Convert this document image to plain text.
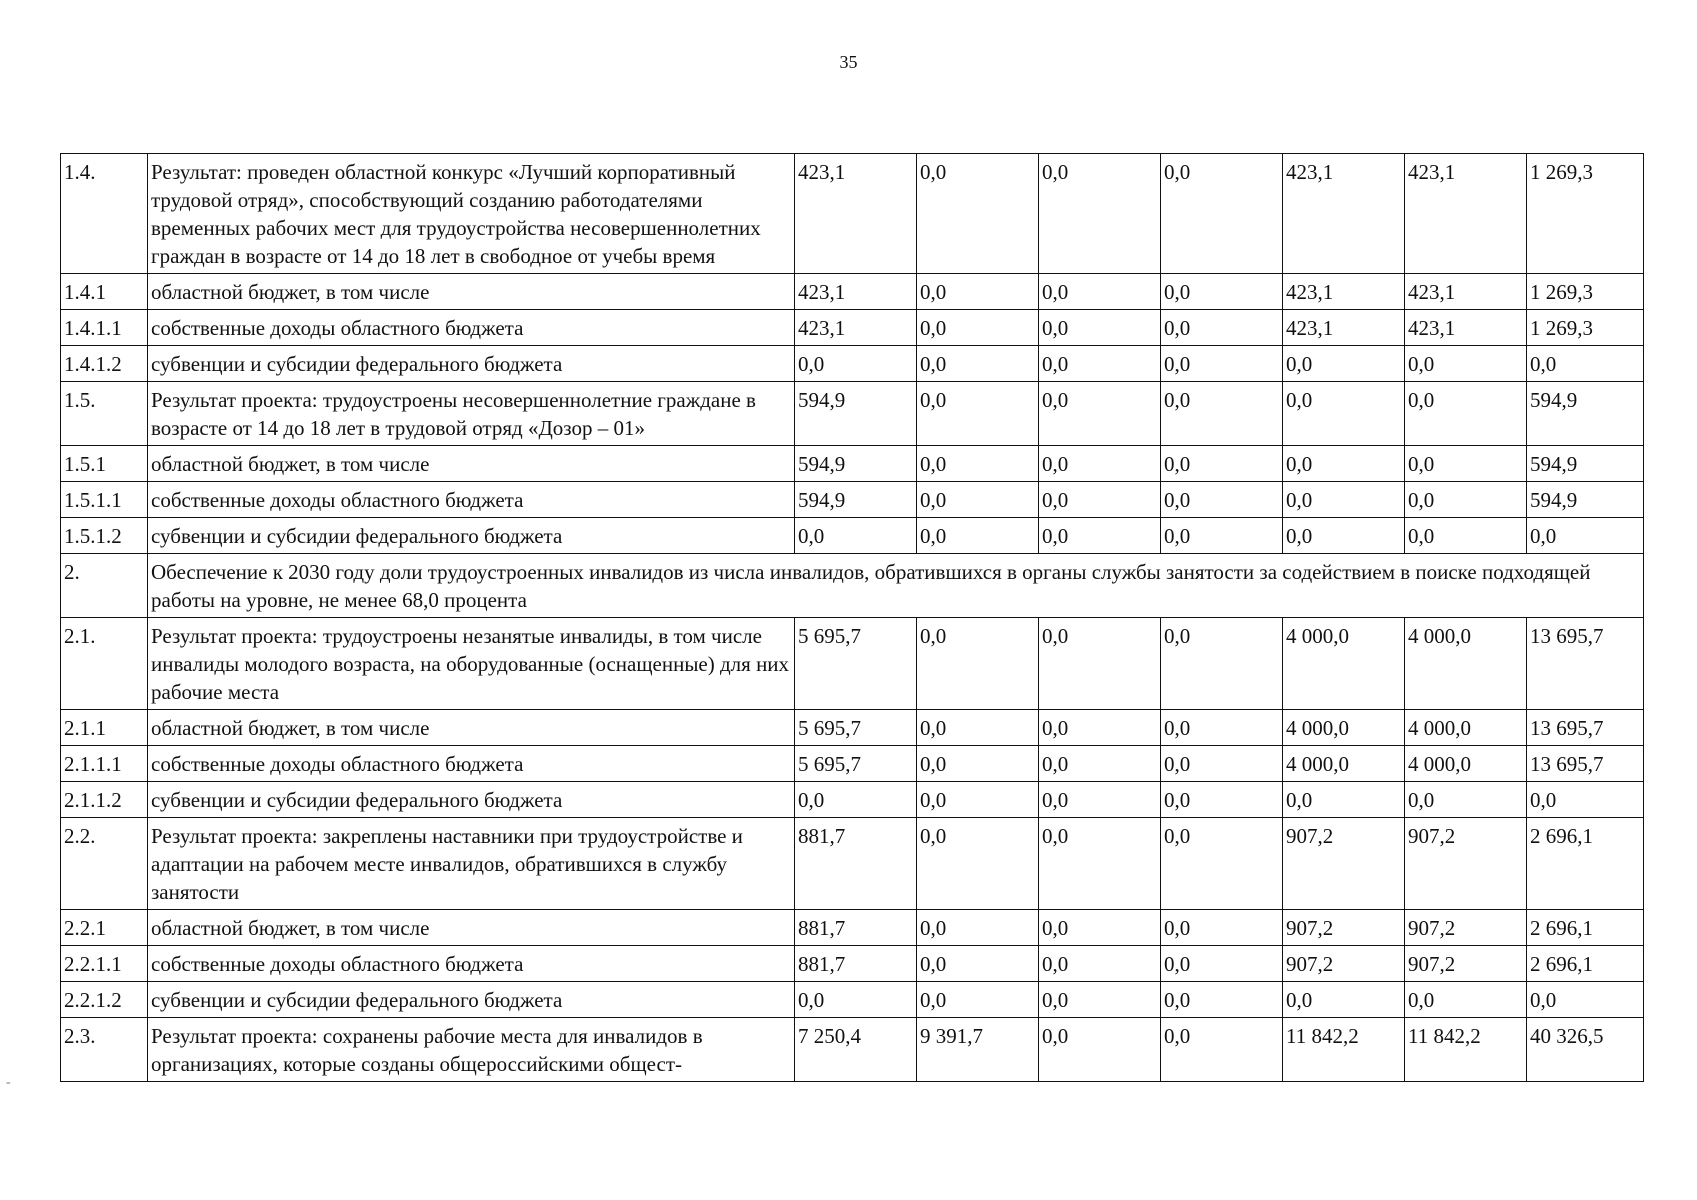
35
-
1.4.	Результат: проведен областной конкурс «Лучший корпоративный трудовой отряд», способствующий созданию работодателями временных рабочих мест для трудоустройства несовершеннолетних граждан в возрасте от 14 до 18 лет в свободное от учебы время	423,1	0,0	0,0	0,0	423,1	423,1	1 269,3
1.4.1	областной бюджет, в том числе	423,1	0,0	0,0	0,0	423,1	423,1	1 269,3
1.4.1.1	собственные доходы областного бюджета	423,1	0,0	0,0	0,0	423,1	423,1	1 269,3
1.4.1.2	субвенции и субсидии федерального бюджета	0,0	0,0	0,0	0,0	0,0	0,0	0,0
1.5.	Результат проекта: трудоустроены несовершеннолетние граждане в возрасте от 14 до 18 лет в трудовой отряд «Дозор – 01»	594,9	0,0	0,0	0,0	0,0	0,0	594,9
1.5.1	областной бюджет, в том числе	594,9	0,0	0,0	0,0	0,0	0,0	594,9
1.5.1.1	собственные доходы областного бюджета	594,9	0,0	0,0	0,0	0,0	0,0	594,9
1.5.1.2	субвенции и субсидии федерального бюджета	0,0	0,0	0,0	0,0	0,0	0,0	0,0
2.	Обеспечение к 2030 году доли трудоустроенных инвалидов из числа инвалидов, обратившихся в органы службы занятости за содействием в поиске подходящей работы на уровне, не менее 68,0 процента							
2.1.	Результат проекта: трудоустроены незанятые инвалиды, в том числе инвалиды молодого возраста, на оборудованные (оснащенные) для них рабочие места	5 695,7	0,0	0,0	0,0	4 000,0	4 000,0	13 695,7
2.1.1	областной бюджет, в том числе	5 695,7	0,0	0,0	0,0	4 000,0	4 000,0	13 695,7
2.1.1.1	собственные доходы областного бюджета	5 695,7	0,0	0,0	0,0	4 000,0	4 000,0	13 695,7
2.1.1.2	субвенции и субсидии федерального бюджета	0,0	0,0	0,0	0,0	0,0	0,0	0,0
2.2.	Результат проекта: закреплены наставники при трудоустройстве и адаптации на рабочем месте инвалидов, обратившихся в службу занятости	881,7	0,0	0,0	0,0	907,2	907,2	2 696,1
2.2.1	областной бюджет, в том числе	881,7	0,0	0,0	0,0	907,2	907,2	2 696,1
2.2.1.1	собственные доходы областного бюджета	881,7	0,0	0,0	0,0	907,2	907,2	2 696,1
2.2.1.2	субвенции и субсидии федерального бюджета	0,0	0,0	0,0	0,0	0,0	0,0	0,0
2.3.	Результат проекта: сохранены рабочие места для инвалидов в организациях, которые созданы общероссийскими общест-	7 250,4	9 391,7	0,0	0,0	11 842,2	11 842,2	40 326,5
